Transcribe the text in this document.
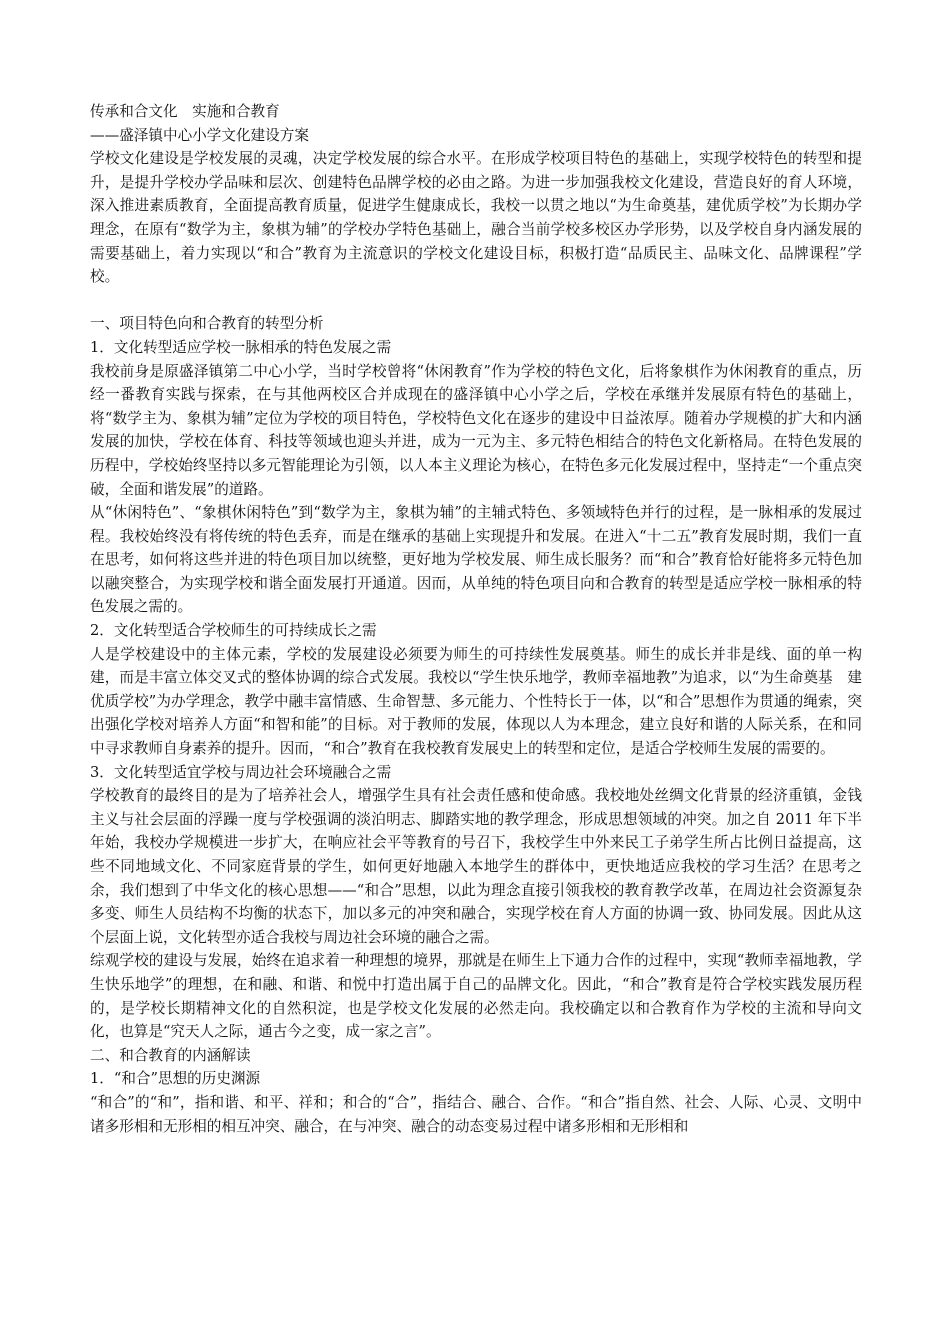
传承和合文化　实施和合教育

——盛泽镇中心小学文化建设方案

学校文化建设是学校发展的灵魂，决定学校发展的综合水平。在形成学校项目特色的基础上，实现学校特色的转型和提升，是提升学校办学品味和层次、创建特色品牌学校的必由之路。为进一步加强我校文化建设，营造良好的育人环境，深入推进素质教育，全面提高教育质量，促进学生健康成长，我校一以贯之地以“为生命奠基，建优质学校”为长期办学理念，在原有“数学为主，象棋为辅”的学校办学特色基础上，融合当前学校多校区办学形势，以及学校自身内涵发展的需要基础上，着力实现以“和合”教育为主流意识的学校文化建设目标，积极打造“品质民主、品味文化、品牌课程”学校。

一、项目特色向和合教育的转型分析

1．文化转型适应学校一脉相承的特色发展之需

我校前身是原盛泽镇第二中心小学，当时学校曾将“休闲教育”作为学校的特色文化，后将象棋作为休闲教育的重点，历经一番教育实践与探索，在与其他两校区合并成现在的盛泽镇中心小学之后，学校在承继并发展原有特色的基础上，将“数学主为、象棋为辅”定位为学校的项目特色，学校特色文化在逐步的建设中日益浓厚。随着办学规模的扩大和内涵发展的加快，学校在体育、科技等领域也迎头并进，成为一元为主、多元特色相结合的特色文化新格局。在特色发展的历程中，学校始终坚持以多元智能理论为引领，以人本主义理论为核心，在特色多元化发展过程中，坚持走“一个重点突破，全面和谐发展”的道路。

从“休闲特色”、“象棋休闲特色”到“数学为主，象棋为辅”的主辅式特色、多领域特色并行的过程，是一脉相承的发展过程。我校始终没有将传统的特色丢弃，而是在继承的基础上实现提升和发展。在进入“十二五”教育发展时期，我们一直在思考，如何将这些并进的特色项目加以统整，更好地为学校发展、师生成长服务？而“和合”教育恰好能将多元特色加以融突整合，为实现学校和谐全面发展打开通道。因而，从单纯的特色项目向和合教育的转型是适应学校一脉相承的特色发展之需的。

2．文化转型适合学校师生的可持续成长之需

人是学校建设中的主体元素，学校的发展建设必须要为师生的可持续性发展奠基。师生的成长并非是线、面的单一构建，而是丰富立体交叉式的整体协调的综合式发展。我校以“学生快乐地学，教师幸福地教”为追求，以“为生命奠基　建优质学校”为办学理念，教学中融丰富情感、生命智慧、多元能力、个性特长于一体，以“和合”思想作为贯通的绳索，突出强化学校对培养人方面“和智和能”的目标。对于教师的发展，体现以人为本理念，建立良好和谐的人际关系，在和同中寻求教师自身素养的提升。因而，“和合”教育在我校教育发展史上的转型和定位，是适合学校师生发展的需要的。

3．文化转型适宜学校与周边社会环境融合之需

学校教育的最终目的是为了培养社会人，增强学生具有社会责任感和使命感。我校地处丝绸文化背景的经济重镇，金钱主义与社会层面的浮躁一度与学校强调的淡泊明志、脚踏实地的教学理念，形成思想领域的冲突。加之自 2011 年下半年始，我校办学规模进一步扩大，在响应社会平等教育的号召下，我校学生中外来民工子弟学生所占比例日益提高，这些不同地域文化、不同家庭背景的学生，如何更好地融入本地学生的群体中，更快地适应我校的学习生活？在思考之余，我们想到了中华文化的核心思想——“和合”思想，以此为理念直接引领我校的教育教学改革，在周边社会资源复杂多变、师生人员结构不均衡的状态下，加以多元的冲突和融合，实现学校在育人方面的协调一致、协同发展。因此从这个层面上说，文化转型亦适合我校与周边社会环境的融合之需。

综观学校的建设与发展，始终在追求着一种理想的境界，那就是在师生上下通力合作的过程中，实现“教师幸福地教，学生快乐地学”的理想，在和融、和谐、和悦中打造出属于自己的品牌文化。因此，“和合”教育是符合学校实践发展历程的，是学校长期精神文化的自然积淀，也是学校文化发展的必然走向。我校确定以和合教育作为学校的主流和导向文化，也算是“究天人之际，通古今之变，成一家之言”。

二、和合教育的内涵解读

1．“和合”思想的历史渊源

“和合”的“和”，指和谐、和平、祥和；和合的“合”，指结合、融合、合作。“和合”指自然、社会、人际、心灵、文明中诸多形相和无形相的相互冲突、融合，在与冲突、融合的动态变易过程中诸多形相和无形相和
